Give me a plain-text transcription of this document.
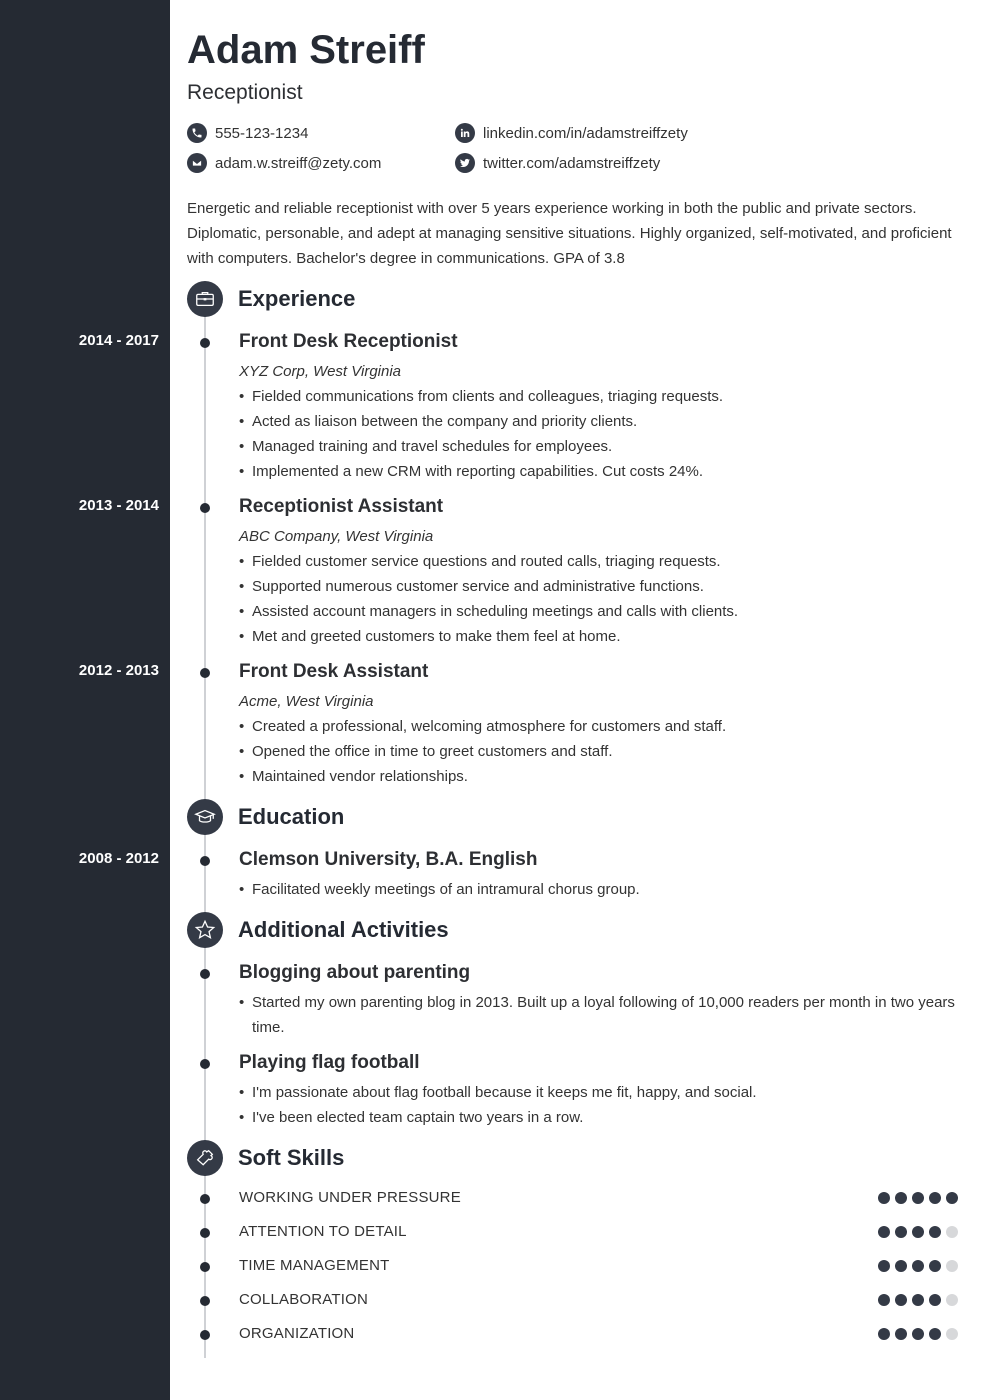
Adam Streiff
Receptionist
555-123-1234	linkedin.com/in/adamstreiffzety
adam.w.streiff@zety.com	twitter.com/adamstreiffzety
Energetic and reliable receptionist with over 5 years experience working in both the public and private sectors. Diplomatic, personable, and adept at managing sensitive situations. Highly organized, self-motivated, and proficient with computers. Bachelor's degree in communications. GPA of 3.8
Experience
2014 - 2017	Front Desk Receptionist
XYZ Corp, West Virginia
• Fielded communications from clients and colleagues, triaging requests.
• Acted as liaison between the company and priority clients.
• Managed training and travel schedules for employees.
• Implemented a new CRM with reporting capabilities. Cut costs 24%.
2013 - 2014	Receptionist Assistant
ABC Company, West Virginia
• Fielded customer service questions and routed calls, triaging requests.
• Supported numerous customer service and administrative functions.
• Assisted account managers in scheduling meetings and calls with clients.
• Met and greeted customers to make them feel at home.
2012 - 2013	Front Desk Assistant
Acme, West Virginia
• Created a professional, welcoming atmosphere for customers and staff.
• Opened the office in time to greet customers and staff.
• Maintained vendor relationships.
Education
2008 - 2012	Clemson University, B.A. English
• Facilitated weekly meetings of an intramural chorus group.
Additional Activities
Blogging about parenting
• Started my own parenting blog in 2013. Built up a loyal following of 10,000 readers per month in two years time.
Playing flag football
• I'm passionate about flag football because it keeps me fit, happy, and social.
• I've been elected team captain two years in a row.
Soft Skills
WORKING UNDER PRESSURE
ATTENTION TO DETAIL
TIME MANAGEMENT
COLLABORATION
ORGANIZATION
